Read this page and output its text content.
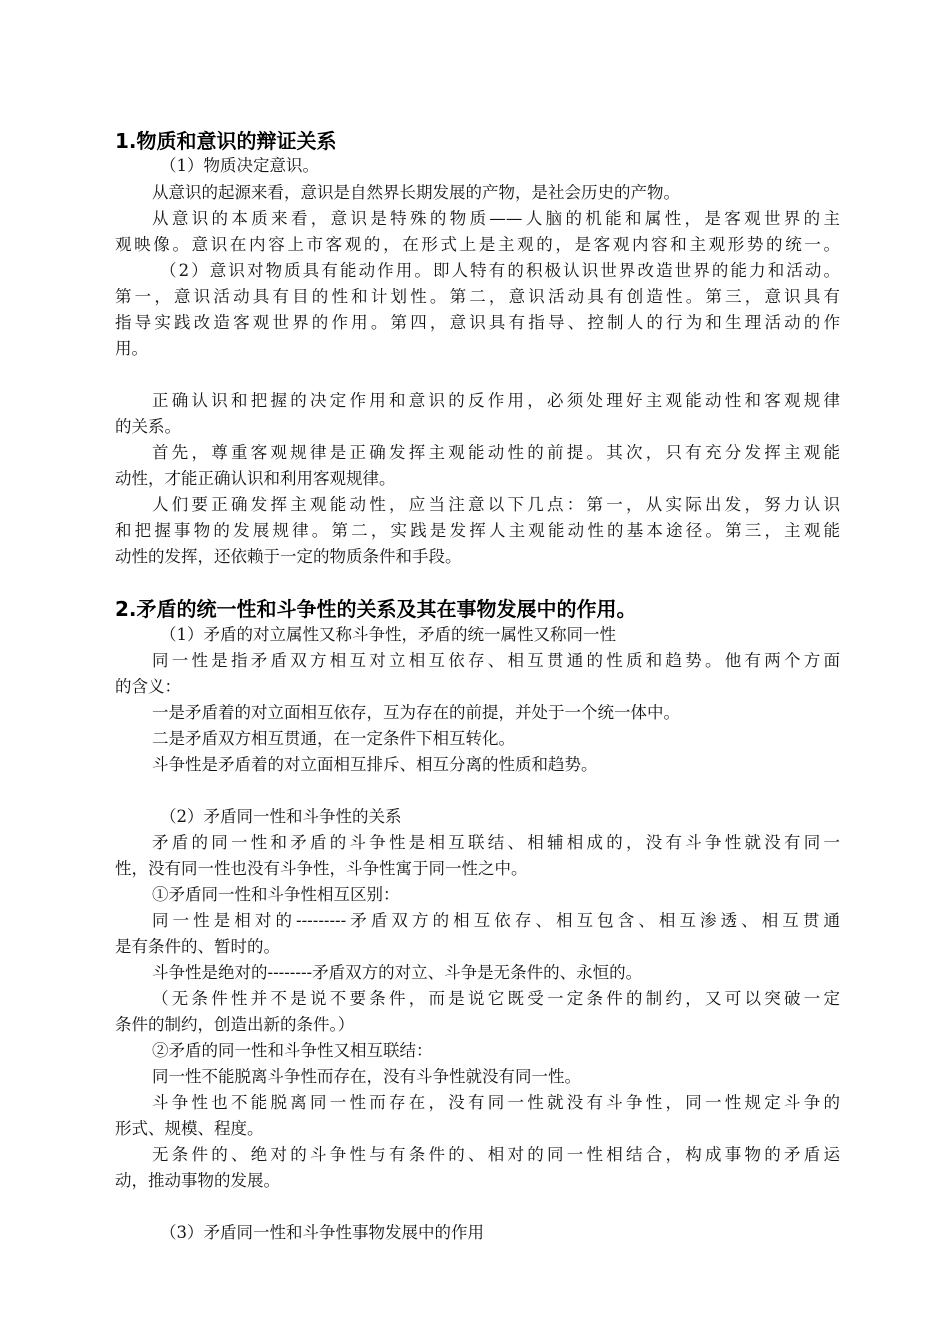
1.物质和意识的辩证关系
（1）物质决定意识。
从意识的起源来看，意识是自然界长期发展的产物，是社会历史的产物。
从意识的本质来看，意识是特殊的物质——人脑的机能和属性，是客观世界的主
观映像。意识在内容上市客观的，在形式上是主观的，是客观内容和主观形势的统一。
（2）意识对物质具有能动作用。即人特有的积极认识世界改造世界的能力和活动。
第一，意识活动具有目的性和计划性。第二，意识活动具有创造性。第三，意识具有
指导实践改造客观世界的作用。第四，意识具有指导、控制人的行为和生理活动的作
用。
正确认识和把握的决定作用和意识的反作用，必须处理好主观能动性和客观规律
的关系。
首先，尊重客观规律是正确发挥主观能动性的前提。其次，只有充分发挥主观能
动性，才能正确认识和利用客观规律。
人们要正确发挥主观能动性，应当注意以下几点：第一，从实际出发，努力认识
和把握事物的发展规律。第二，实践是发挥人主观能动性的基本途径。第三，主观能
动性的发挥，还依赖于一定的物质条件和手段。
2.矛盾的统一性和斗争性的关系及其在事物发展中的作用。
（1）矛盾的对立属性又称斗争性，矛盾的统一属性又称同一性
同一性是指矛盾双方相互对立相互依存、相互贯通的性质和趋势。他有两个方面
的含义：
一是矛盾着的对立面相互依存，互为存在的前提，并处于一个统一体中。
二是矛盾双方相互贯通，在一定条件下相互转化。
斗争性是矛盾着的对立面相互排斥、相互分离的性质和趋势。
（2）矛盾同一性和斗争性的关系
矛盾的同一性和矛盾的斗争性是相互联结、相辅相成的，没有斗争性就没有同一
性，没有同一性也没有斗争性，斗争性寓于同一性之中。
①矛盾同一性和斗争性相互区别：
同一性是相对的---------矛盾双方的相互依存、相互包含、相互渗透、相互贯通
是有条件的、暂时的。
斗争性是绝对的--------矛盾双方的对立、斗争是无条件的、永恒的。
（无条件性并不是说不要条件，而是说它既受一定条件的制约，又可以突破一定
条件的制约，创造出新的条件。）
②矛盾的同一性和斗争性又相互联结：
同一性不能脱离斗争性而存在，没有斗争性就没有同一性。
斗争性也不能脱离同一性而存在，没有同一性就没有斗争性，同一性规定斗争的
形式、规模、程度。
无条件的、绝对的斗争性与有条件的、相对的同一性相结合，构成事物的矛盾运
动，推动事物的发展。
（3）矛盾同一性和斗争性事物发展中的作用
